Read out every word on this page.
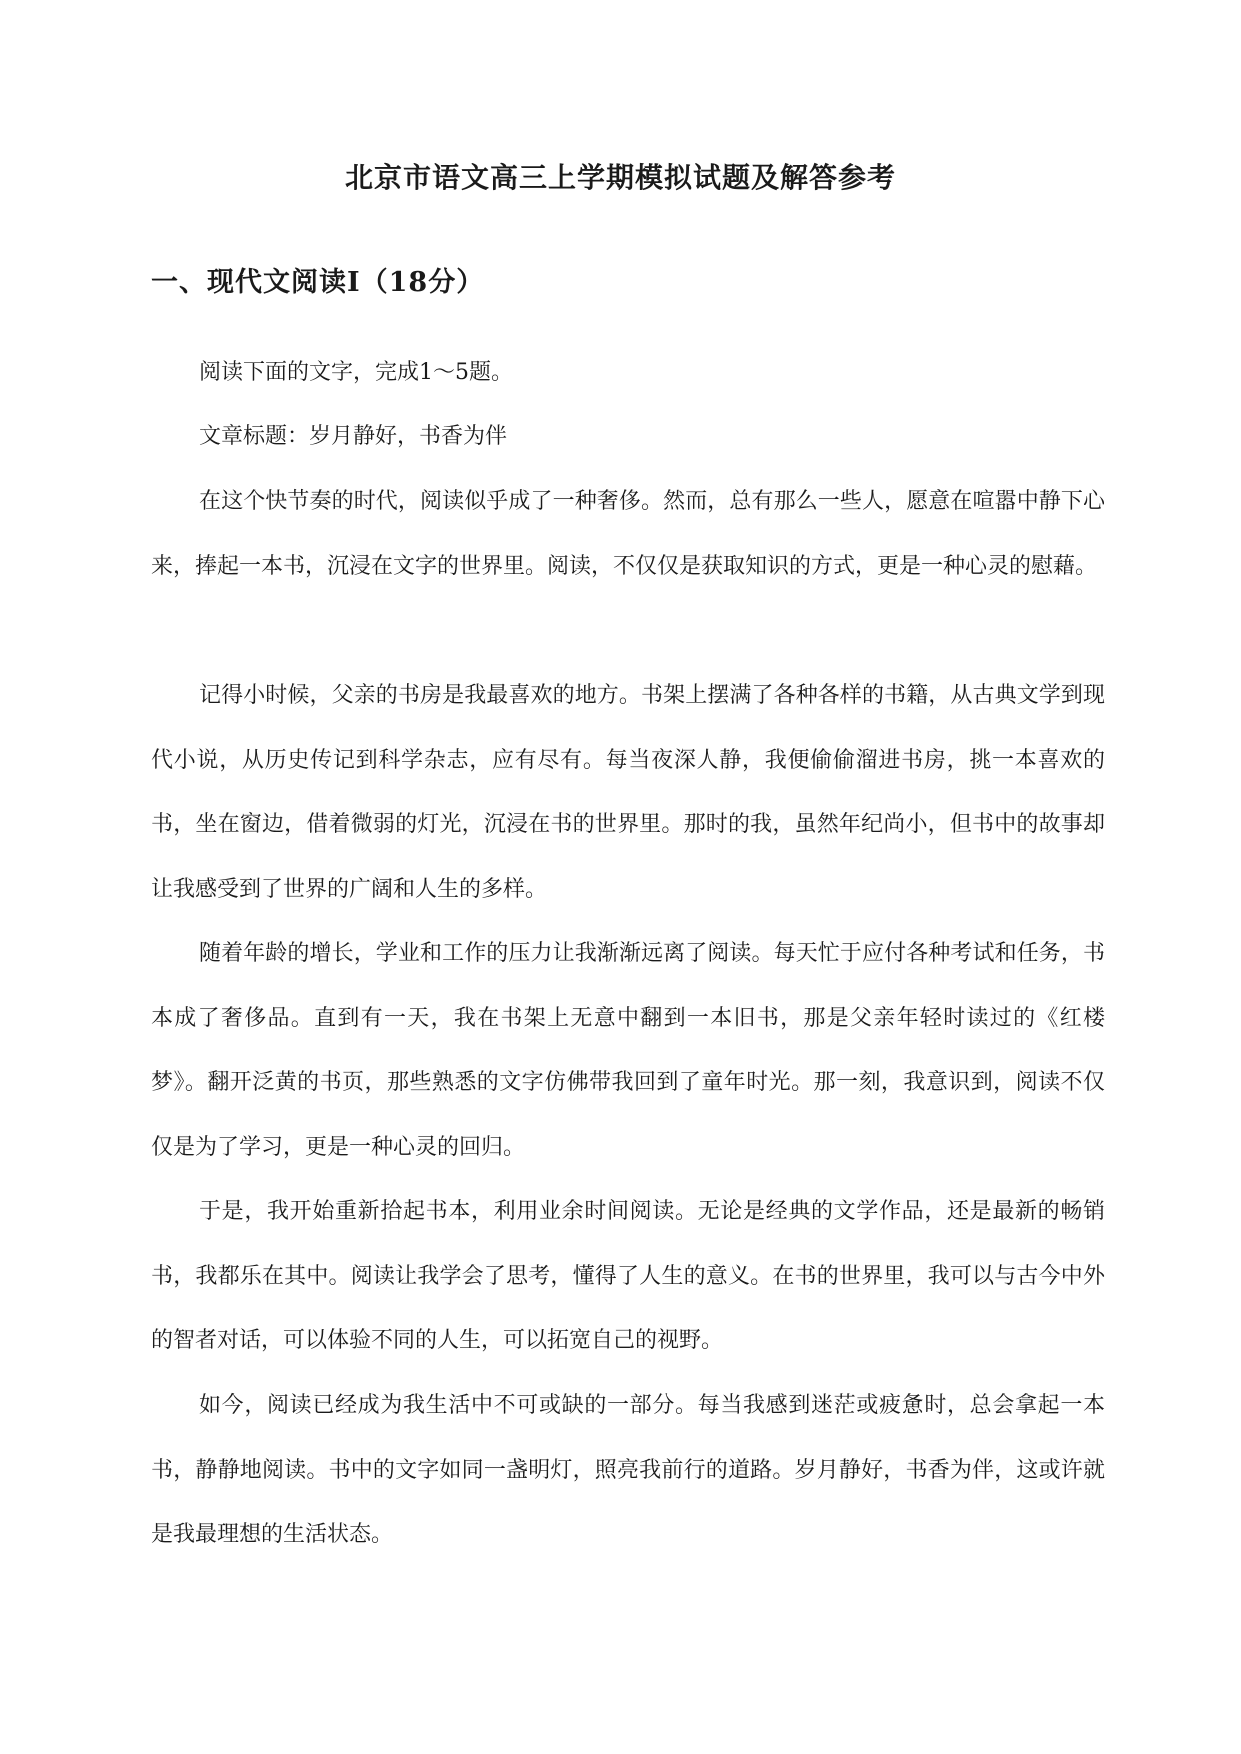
北京市语文高三上学期模拟试题及解答参考
一、现代文阅读Ⅰ（18分）

阅读下面的文字，完成1～5题。

文章标题：岁月静好，书香为伴

在这个快节奏的时代，阅读似乎成了一种奢侈。然而，总有那么一些人，愿意在喧嚣中静下心来，捧起一本书，沉浸在文字的世界里。阅读，不仅仅是获取知识的方式，更是一种心灵的慰藉。

记得小时候，父亲的书房是我最喜欢的地方。书架上摆满了各种各样的书籍，从古典文学到现代小说，从历史传记到科学杂志，应有尽有。每当夜深人静，我便偷偷溜进书房，挑一本喜欢的书，坐在窗边，借着微弱的灯光，沉浸在书的世界里。那时的我，虽然年纪尚小，但书中的故事却让我感受到了世界的广阔和人生的多样。

随着年龄的增长，学业和工作的压力让我渐渐远离了阅读。每天忙于应付各种考试和任务，书本成了奢侈品。直到有一天，我在书架上无意中翻到一本旧书，那是父亲年轻时读过的《红楼梦》。翻开泛黄的书页，那些熟悉的文字仿佛带我回到了童年时光。那一刻，我意识到，阅读不仅仅是为了学习，更是一种心灵的回归。

于是，我开始重新拾起书本，利用业余时间阅读。无论是经典的文学作品，还是最新的畅销书，我都乐在其中。阅读让我学会了思考，懂得了人生的意义。在书的世界里，我可以与古今中外的智者对话，可以体验不同的人生，可以拓宽自己的视野。

如今，阅读已经成为我生活中不可或缺的一部分。每当我感到迷茫或疲惫时，总会拿起一本书，静静地阅读。书中的文字如同一盏明灯，照亮我前行的道路。岁月静好，书香为伴，这或许就是我最理想的生活状态。
